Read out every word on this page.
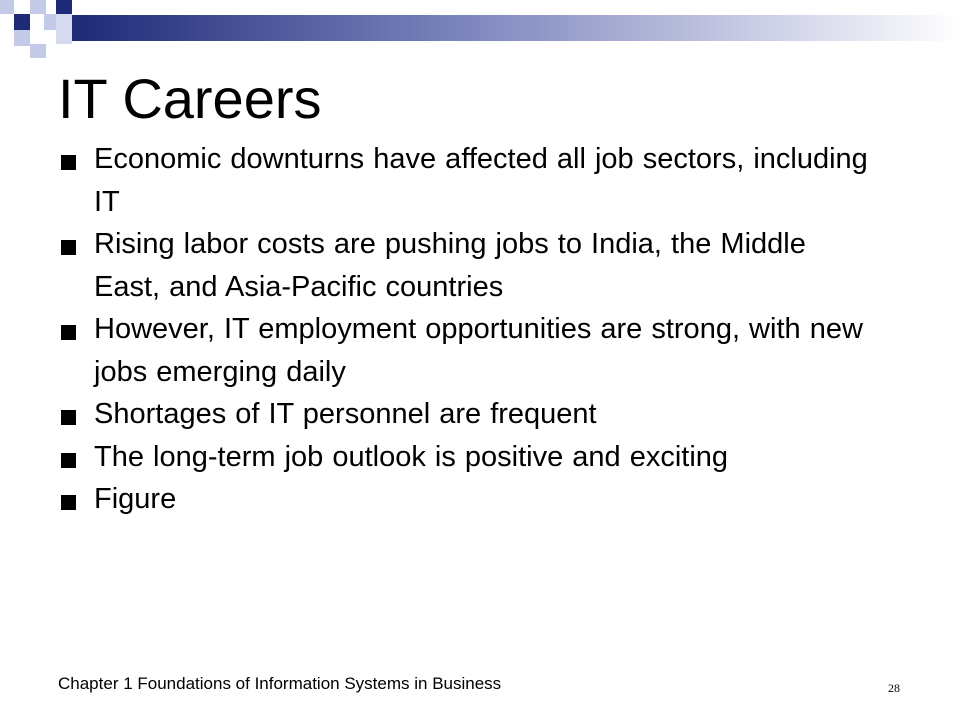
IT Careers
Economic downturns have affected all job sectors, including IT
Rising labor costs are pushing jobs to India, the Middle East, and Asia-Pacific countries
However, IT employment opportunities are strong, with new jobs emerging daily
Shortages of IT personnel are frequent
The long-term job outlook is positive and exciting
Figure
Chapter 1 Foundations of Information Systems in Business	28
